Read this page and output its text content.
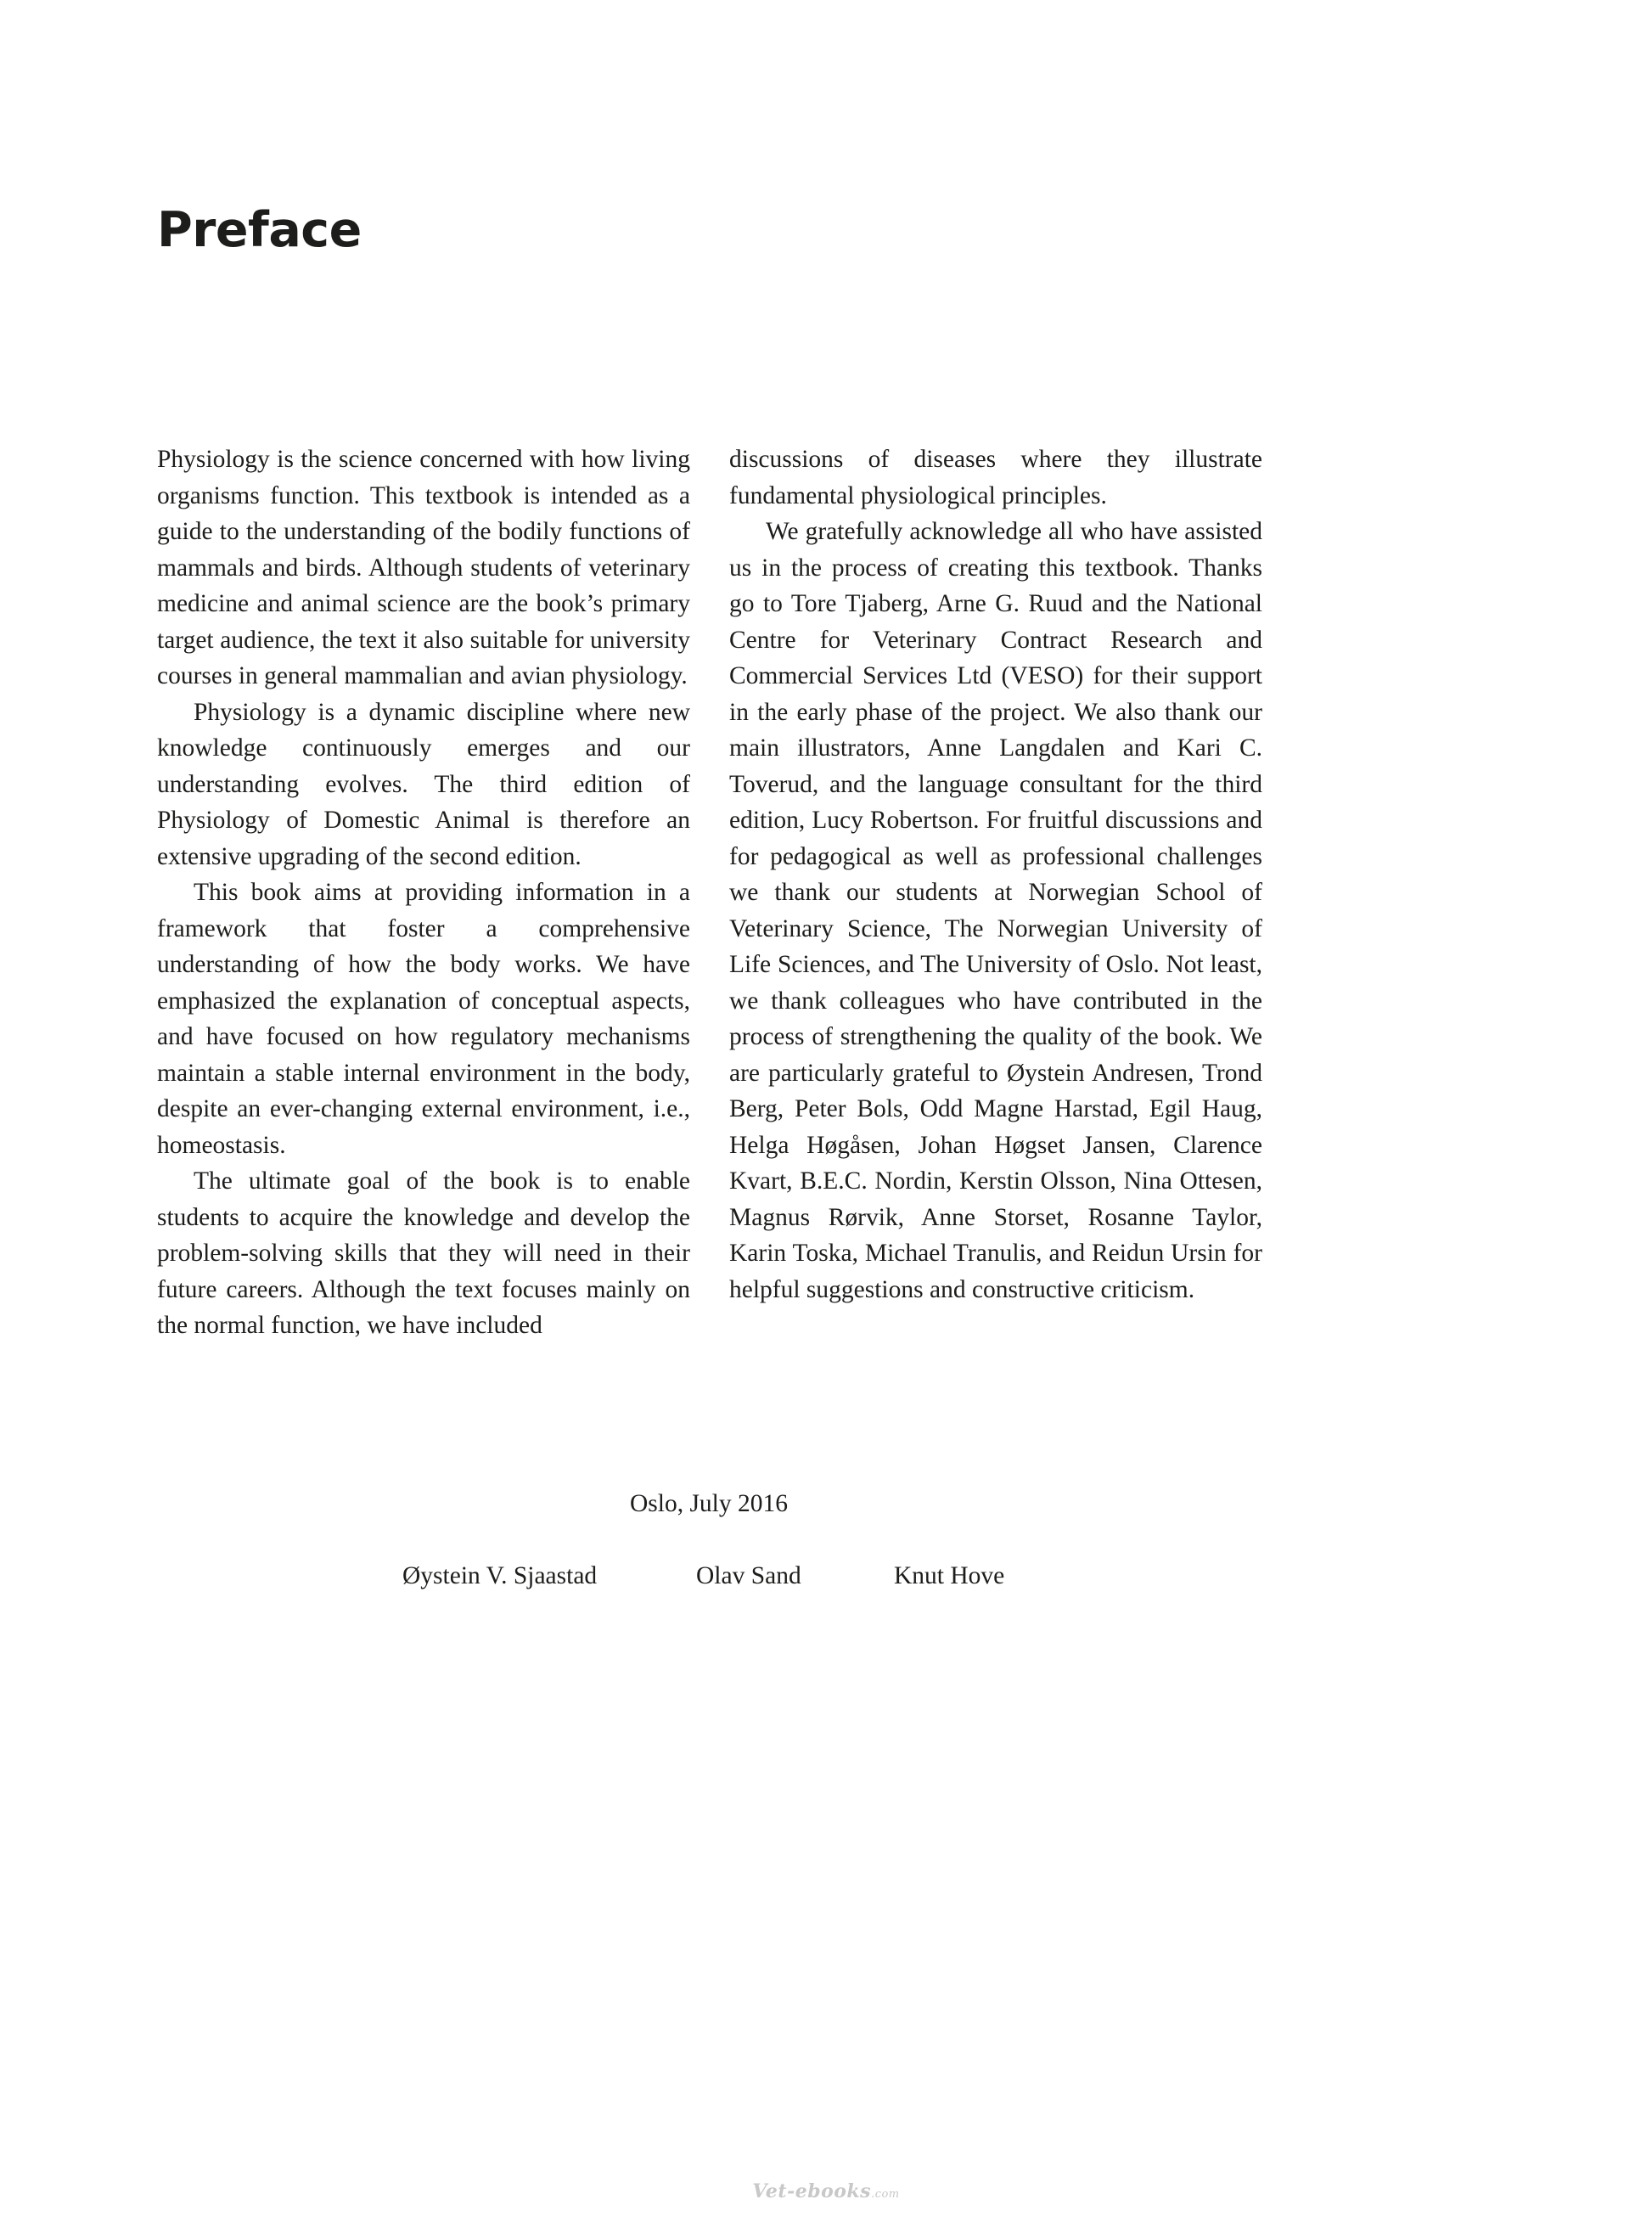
Preface

Physiology is the science concerned with how living organisms function. This textbook is intended as a guide to the understanding of the bodily functions of mammals and birds. Although students of veterinary medicine and animal science are the book’s primary target audience, the text it also suitable for university courses in general mammalian and avian physiology.

Physiology is a dynamic discipline where new knowledge continuously emerges and our understanding evolves. The third edition of Physiology of Domestic Animal is therefore an extensive upgrading of the second edition.

This book aims at providing information in a framework that foster a comprehensive understanding of how the body works. We have emphasized the explanation of conceptual aspects, and have focused on how regulatory mechanisms maintain a stable internal environment in the body, despite an ever-changing external environment, i.e., homeostasis.

The ultimate goal of the book is to enable students to acquire the knowledge and develop the problem-solving skills that they will need in their future careers. Although the text focuses mainly on the normal function, we have included

discussions of diseases where they illustrate fundamental physiological principles.

We gratefully acknowledge all who have assisted us in the process of creating this textbook. Thanks go to Tore Tjaberg, Arne G. Ruud and the National Centre for Veterinary Contract Research and Commercial Services Ltd (VESO) for their support in the early phase of the project. We also thank our main illustrators, Anne Langdalen and Kari C. Toverud, and the language consultant for the third edition, Lucy Robertson. For fruitful discussions and for pedagogical as well as professional challenges we thank our students at Norwegian School of Veterinary Science, The Norwegian University of Life Sciences, and The University of Oslo. Not least, we thank colleagues who have contributed in the process of strengthening the quality of the book. We are particularly grateful to Øystein Andresen, Trond Berg, Peter Bols, Odd Magne Harstad, Egil Haug, Helga Høgåsen, Johan Høgset Jansen, Clarence Kvart, B.E.C. Nordin, Kerstin Olsson, Nina Ottesen, Magnus Rørvik, Anne Storset, Rosanne Taylor, Karin Toska, Michael Tranulis, and Reidun Ursin for helpful suggestions and constructive criticism.

Oslo, July 2016
Øystein V. Sjaastad	Olav Sand	Knut Hove
Vet-ebooks.com
